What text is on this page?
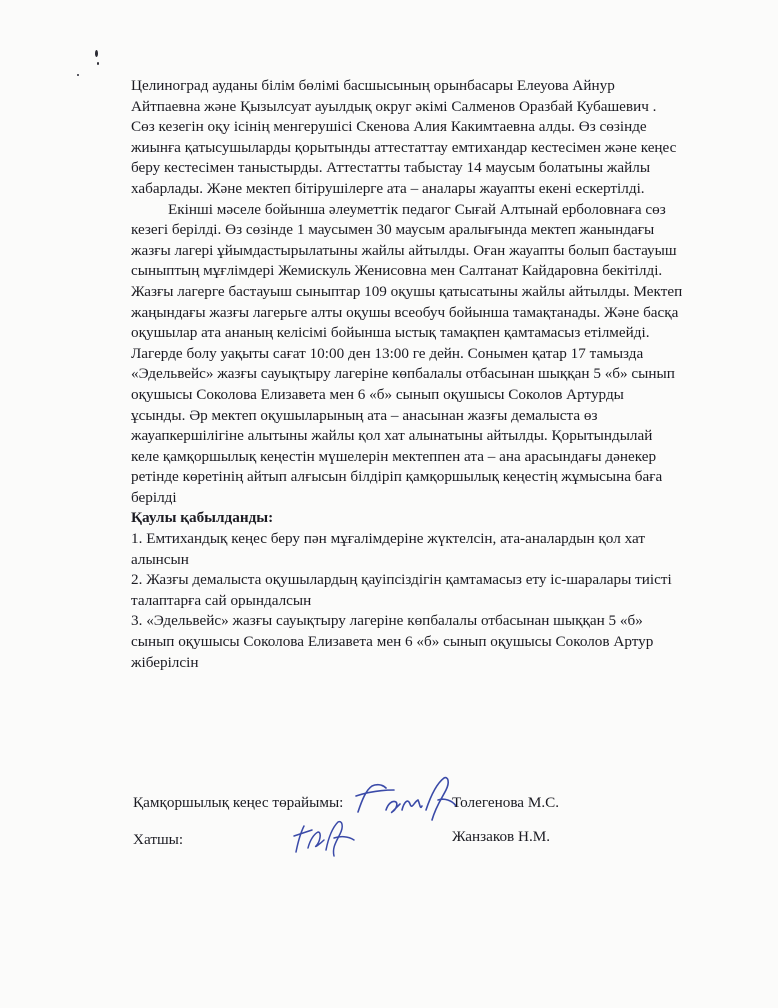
Целиноград ауданы білім бөлімі басшысының орынбасары Елеуова Айнур
Айтпаевна және Қызылсуат ауылдық округ әкімі Салменов Оразбай Кубашевич .
Сөз кезегін оқу ісінің менгерушісі Скенова Алия Какимтаевна алды. Өз сөзінде
жиынға қатысушыларды қорытынды аттестаттау емтихандар кестесімен және кеңес
беру кестесімен таныстырды. Аттестатты табыстау 14 маусым болатыны жайлы
хабарлады. Және мектеп бітірушілерге ата – аналары жауапты екені ескертілді.
Екінші мәселе бойынша әлеуметтік педагог Сығай Алтынай ерболовнаға сөз
кезегі берілді. Өз сөзінде 1 маусымен 30 маусым аралығында мектеп жанындағы
жазғы лагері ұйымдастырылатыны жайлы айтылды. Оған жауапты болып бастауыш
сыныптың мұғлімдері Жемискуль Женисовна мен Салтанат Кайдаровна бекітілді.
Жазғы лагерге бастауыш сыныптар 109 оқушы қатысатыны жайлы айтылды. Мектеп
жаңындағы жазғы лагерьге алты оқушы всеобуч бойынша тамақтанады. Және басқа
оқушылар ата ананың келісімі бойынша ыстық тамақпен қамтамасыз етілмейді.
Лагерде болу уақыты сағат 10:00 ден 13:00 ге дейн. Сонымен қатар 17 тамызда
«Эдельвейс» жазғы сауықтыру лагеріне көпбалалы отбасынан шыққан 5 «б» сынып
оқушысы Соколова Елизавета мен 6 «б» сынып оқушысы Соколов Артурды
ұсынды. Әр мектеп оқушыларының ата – анасынан жазғы демалыста өз
жауапкершілігіне алытыны жайлы қол хат алынатыны айтылды. Қорытындылай
келе қамқоршылық кеңестін мүшелерін мектеппен ата – ана арасындағы дәнекер
ретінде көретінің айтып алғысын білдіріп қамқоршылық кеңестің жұмысына баға
берілді
Қаулы қабылданды:
1. Емтихандық кеңес беру пән мұғалімдеріне жүктелсін, ата-аналардын қол хат
алынсын
2. Жазғы демалыста оқушылардың қауіпсіздігін қамтамасыз ету іс-шаралары тиісті
талаптарға сай орындалсын
3. «Эдельвейс» жазғы сауықтыру лагеріне көпбалалы отбасынан шыққан 5 «б»
сынып оқушысы Соколова Елизавета мен 6 «б» сынып оқушысы Соколов Артур
жіберілсін
Қамқоршылық кеңес төрайымы:	Толегенова М.С.
Хатшы:	Жанзаков Н.М.
